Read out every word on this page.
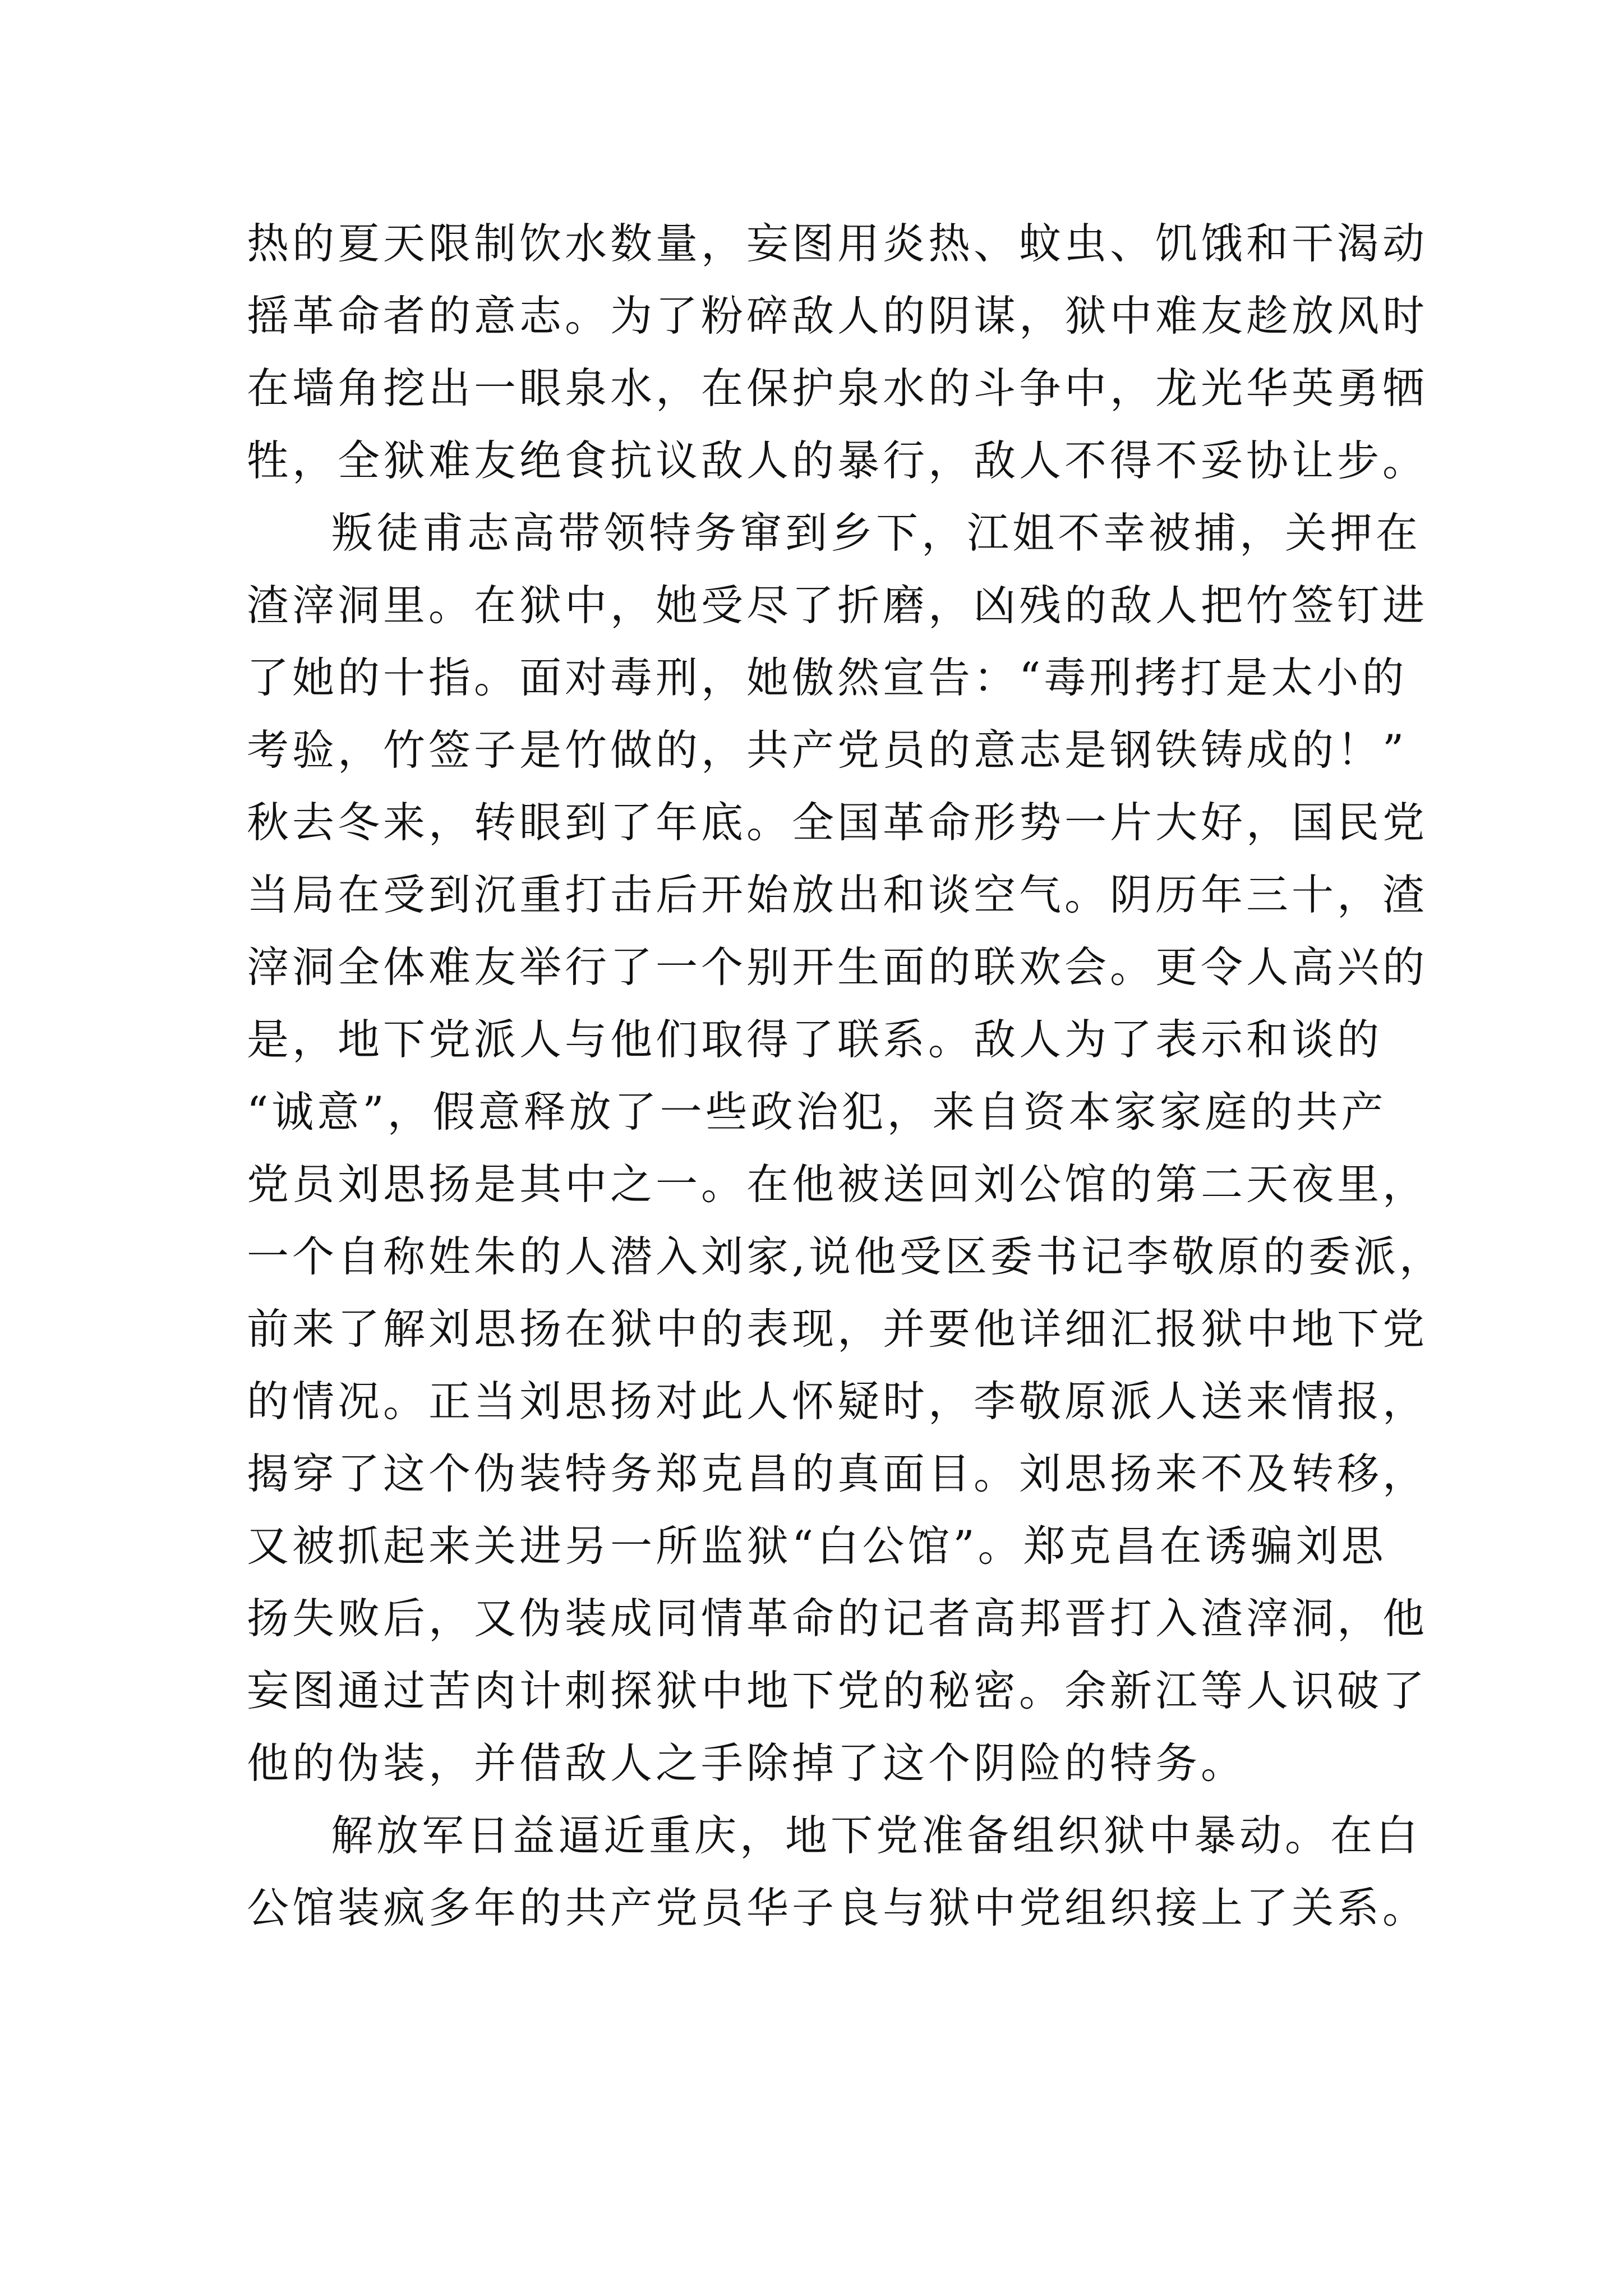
热的夏天限制饮水数量，妄图用炎热、蚊虫、饥饿和干渴动
摇革命者的意志。为了粉碎敌人的阴谋，狱中难友趁放风时
在墙角挖出一眼泉水，在保护泉水的斗争中，龙光华英勇牺
牲，全狱难友绝食抗议敌人的暴行，敌人不得不妥协让步。
叛徒甫志高带领特务窜到乡下，江姐不幸被捕，关押在
渣滓洞里。在狱中，她受尽了折磨，凶残的敌人把竹签钉进
了她的十指。面对毒刑，她傲然宣告：“毒刑拷打是太小的
考验，竹签子是竹做的，共产党员的意志是钢铁铸成的！”
秋去冬来，转眼到了年底。全国革命形势一片大好，国民党
当局在受到沉重打击后开始放出和谈空气。阴历年三十，渣
滓洞全体难友举行了一个别开生面的联欢会。更令人高兴的
是，地下党派人与他们取得了联系。敌人为了表示和谈的
“诚意”，假意释放了一些政治犯，来自资本家家庭的共产
党员刘思扬是其中之一。在他被送回刘公馆的第二天夜里，
一个自称姓朱的人潜入刘家,说他受区委书记李敬原的委派，
前来了解刘思扬在狱中的表现，并要他详细汇报狱中地下党
的情况。正当刘思扬对此人怀疑时，李敬原派人送来情报，
揭穿了这个伪装特务郑克昌的真面目。刘思扬来不及转移，
又被抓起来关进另一所监狱“白公馆”。郑克昌在诱骗刘思
扬失败后，又伪装成同情革命的记者高邦晋打入渣滓洞，他
妄图通过苦肉计刺探狱中地下党的秘密。余新江等人识破了
他的伪装，并借敌人之手除掉了这个阴险的特务。
解放军日益逼近重庆，地下党准备组织狱中暴动。在白
公馆装疯多年的共产党员华子良与狱中党组织接上了关系。
